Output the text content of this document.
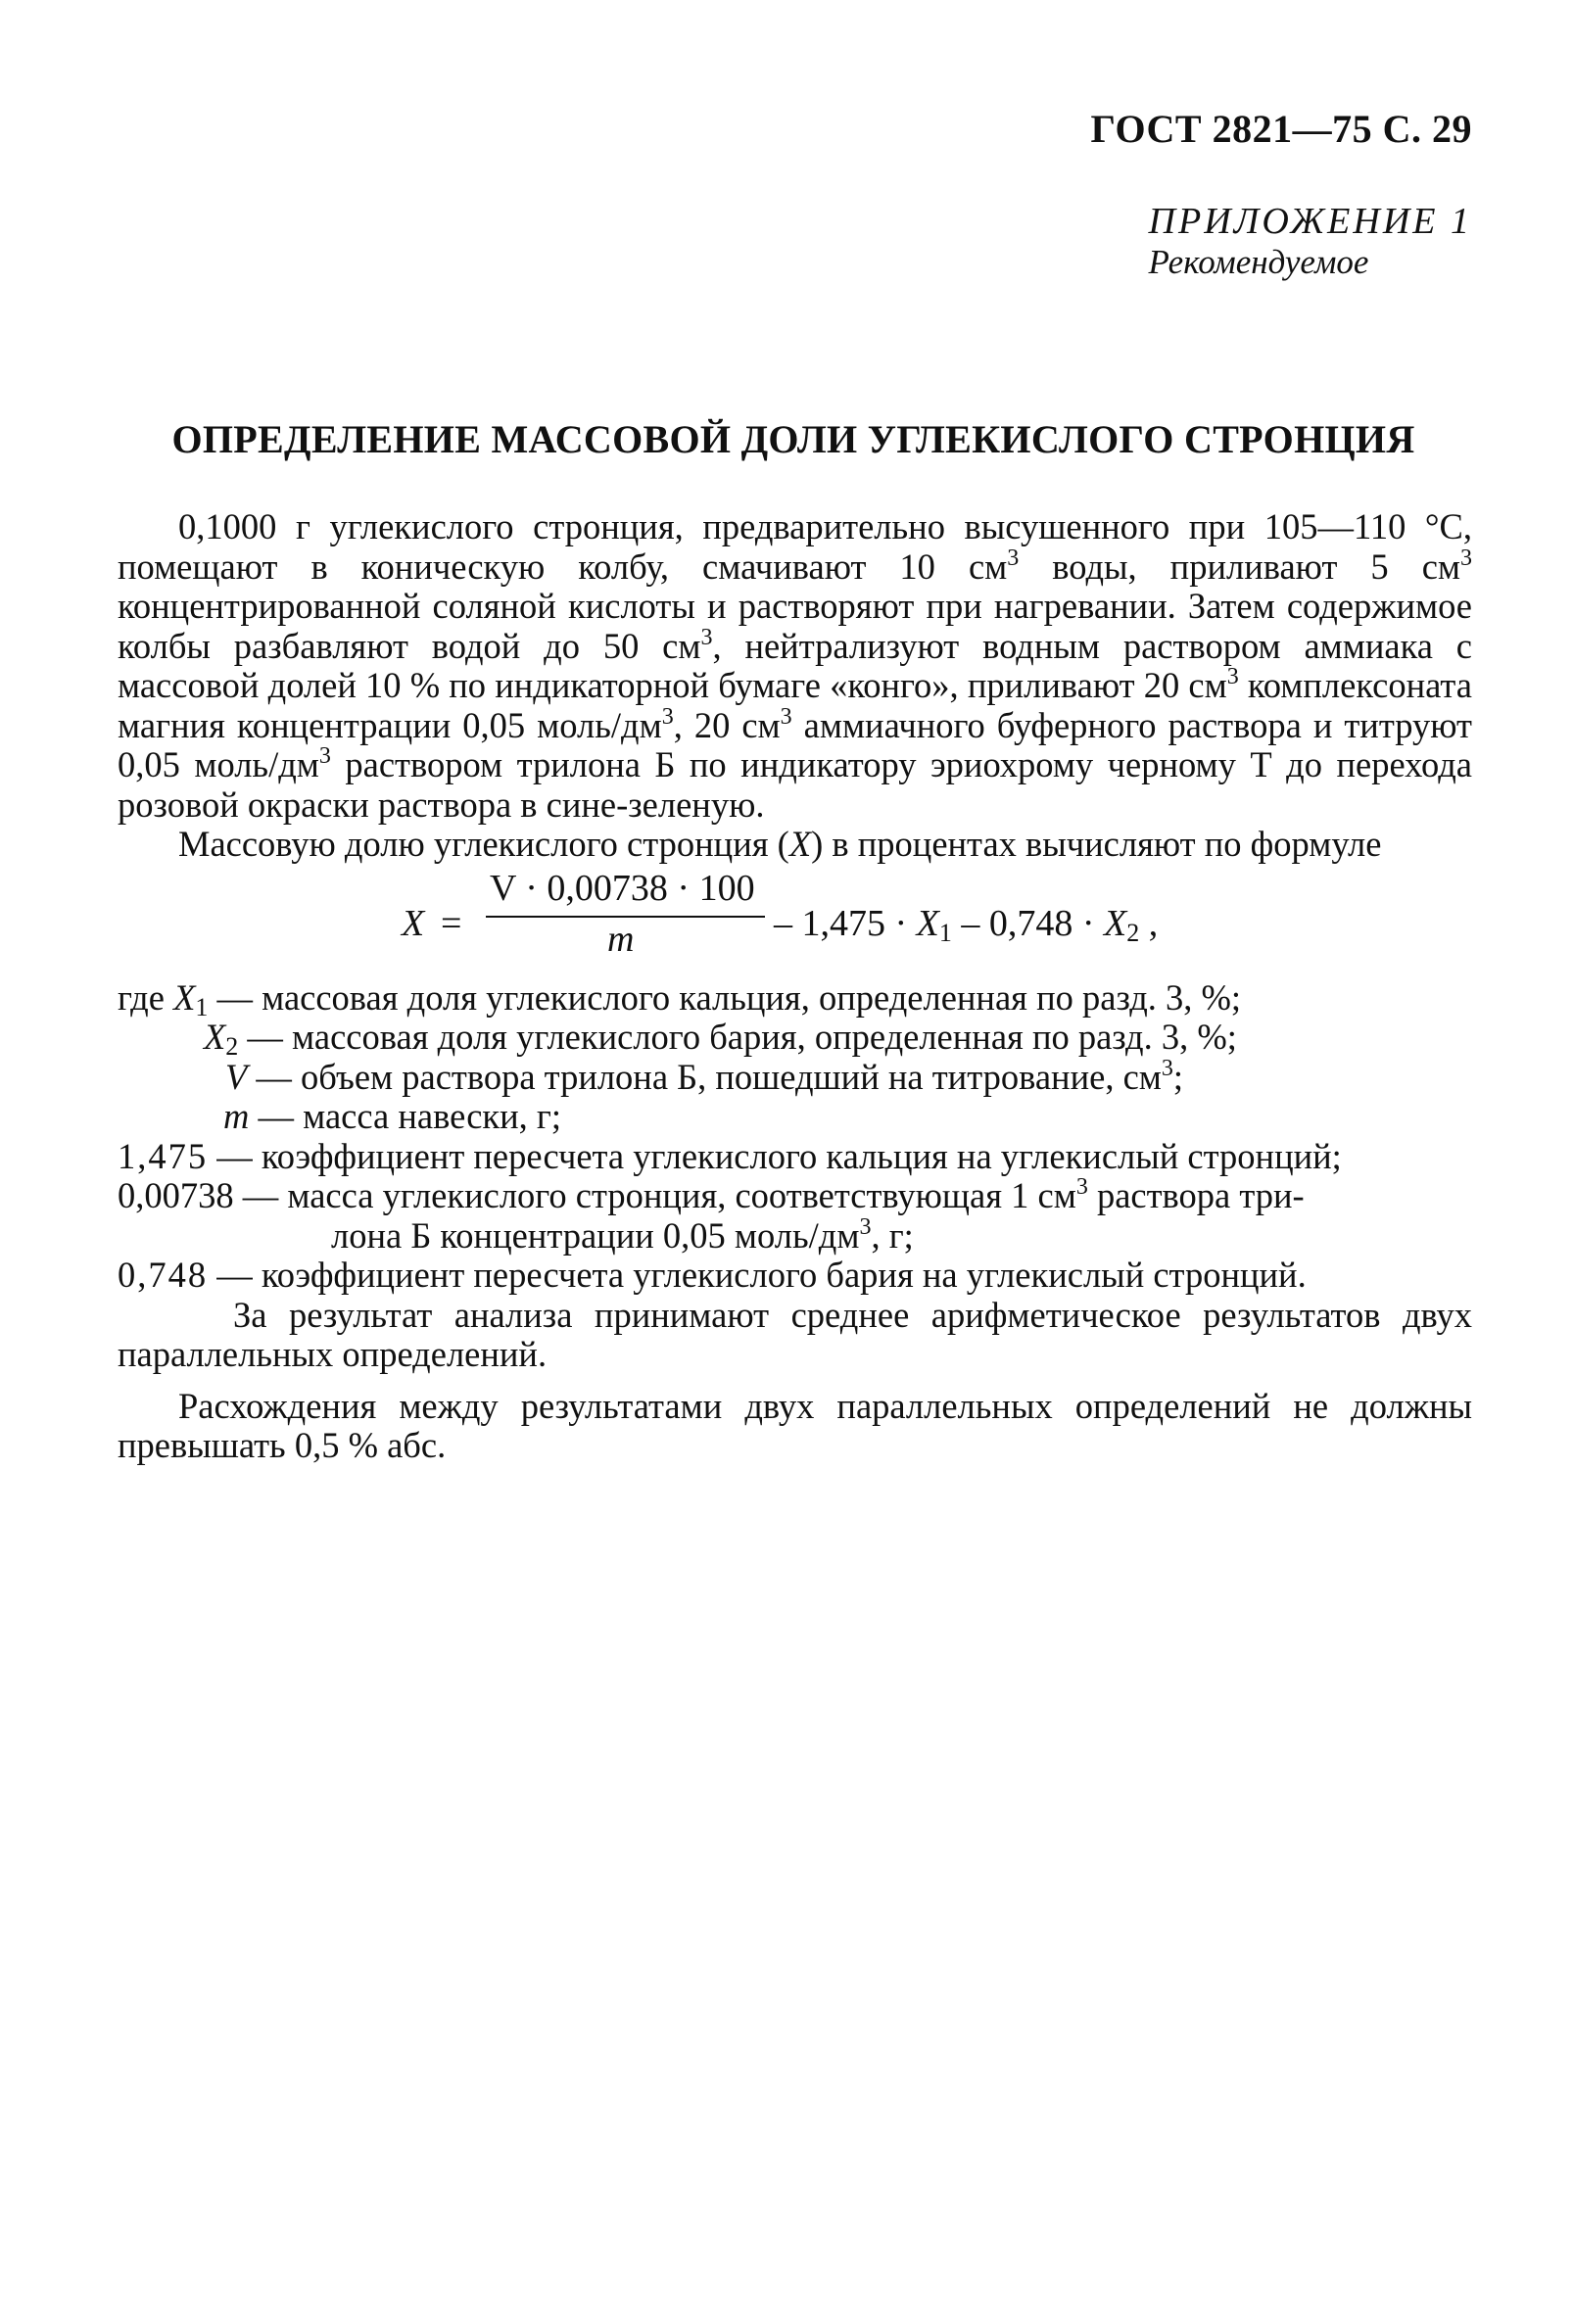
ГОСТ 2821—75 С. 29
ПРИЛОЖЕНИЕ 1
Рекомендуемое
ОПРЕДЕЛЕНИЕ МАССОВОЙ ДОЛИ УГЛЕКИСЛОГО СТРОНЦИЯ

0,1000 г углекислого стронция, предварительно высушенного при 105—110 °С, помещают в коническую колбу, смачивают 10 $см^3$ воды, приливают 5 $см^3$ концентрированной соляной кислоты и растворяют при нагревании. Затем содержимое колбы разбавляют водой до 50 $см^3$, нейтрализуют водным раствором аммиака с массовой долей 10 % по индикаторной бумаге «конго», приливают 20 $см^3$ комплексоната магния концентрации 0,05 моль/$дм^3$, 20 $см^3$ аммиачного буферного раствора и титруют 0,05 моль/$дм^3$ раствором трилона Б по индикатору эриохрому черному Т до перехода розовой окраски раствора в сине-зеленую.

Массовую долю углекислого стронция (X) в процентах вычисляют по формуле

X =
V · 0,00738 · 100
m	– $1,475 \cdot X_1 - 0,748 \cdot X_2$ ,

где $X_1$ — массовая доля углекислого кальция, определенная по разд. 3, %;

$X_2$ — массовая доля углекислого бария, определенная по разд. 3, %;

V — объем раствора трилона Б, пошедший на титрование, $см^3$;

m — масса навески, г;

1,475 — коэффициент пересчета углекислого кальция на углекислый стронций;

0,00738 — масса углекислого стронция, соответствующая 1 $см^3$ раствора три-

лона Б концентрации 0,05 моль/$дм^3$, г;

0,748 — коэффициент пересчета углекислого бария на углекислый стронций.

За результат анализа принимают среднее арифметическое результатов двух параллельных определений.

Расхождения между результатами двух параллельных определений не должны превышать 0,5 % абс.
